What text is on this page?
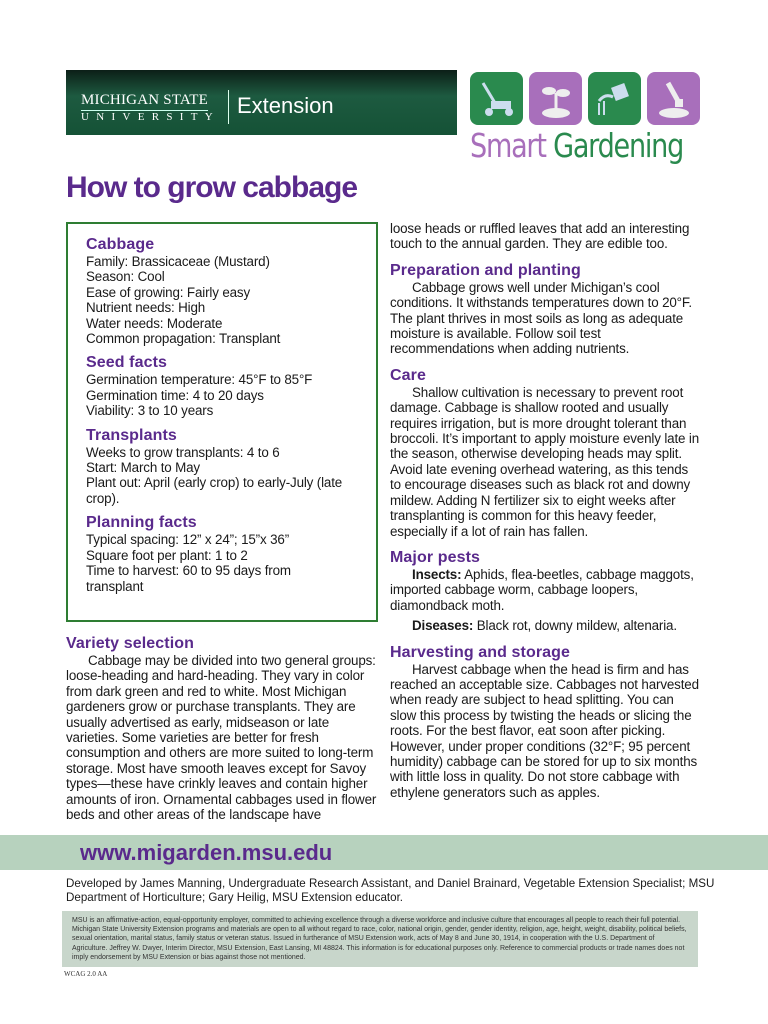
MICHIGAN STATE
UNIVERSITY Extension
Smart Gardening
How to grow cabbage
Cabbage
Family: Brassicaceae (Mustard)
Season: Cool
Ease of growing: Fairly easy
Nutrient needs: High
Water needs: Moderate
Common propagation: Transplant
Seed facts
Germination temperature: 45°F to 85°F
Germination time: 4 to 20 days
Viability: 3 to 10 years
Transplants
Weeks to grow transplants: 4 to 6
Start: March to May
Plant out: April (early crop) to early-July (late crop).
Planning facts
Typical spacing: 12” x 24”; 15”x 36”
Square foot per plant: 1 to 2
Time to harvest: 60 to 95 days from transplant
Variety selection
Cabbage may be divided into two general groups: loose-heading and hard-heading. They vary in color from dark green and red to white. Most Michigan gardeners grow or purchase transplants. They are usually advertised as early, midseason or late varieties. Some varieties are better for fresh consumption and others are more suited to long-term storage. Most have smooth leaves except for Savoy types—these have crinkly leaves and contain higher amounts of iron. Ornamental cabbages used in flower beds and other areas of the landscape have
loose heads or ruffled leaves that add an interesting touch to the annual garden. They are edible too.
Preparation and planting
Cabbage grows well under Michigan’s cool conditions. It withstands temperatures down to 20°F. The plant thrives in most soils as long as adequate moisture is available. Follow soil test recommendations when adding nutrients.
Care
Shallow cultivation is necessary to prevent root damage. Cabbage is shallow rooted and usually requires irrigation, but is more drought tolerant than broccoli. It’s important to apply moisture evenly late in the season, otherwise developing heads may split. Avoid late evening overhead watering, as this tends to encourage diseases such as black rot and downy mildew. Adding N fertilizer six to eight weeks after transplanting is common for this heavy feeder, especially if a lot of rain has fallen.
Major pests
Insects: Aphids, flea-beetles, cabbage maggots, imported cabbage worm, cabbage loopers, diamondback moth.
Diseases: Black rot, downy mildew, altenaria.
Harvesting and storage
Harvest cabbage when the head is firm and has reached an acceptable size. Cabbages not harvested when ready are subject to head splitting. You can slow this process by twisting the heads or slicing the roots. For the best flavor, eat soon after picking. However, under proper conditions (32°F; 95 percent humidity) cabbage can be stored for up to six months with little loss in quality. Do not store cabbage with ethylene generators such as apples.
www.migarden.msu.edu
Developed by James Manning, Undergraduate Research Assistant, and Daniel Brainard, Vegetable Extension Specialist; MSU Department of Horticulture; Gary Heilig, MSU Extension educator.
MSU is an affirmative-action, equal-opportunity employer, committed to achieving excellence through a diverse workforce and inclusive culture that encourages all people to reach their full potential. Michigan State University Extension programs and materials are open to all without regard to race, color, national origin, gender, gender identity, religion, age, height, weight, disability, political beliefs, sexual orientation, marital status, family status or veteran status. Issued in furtherance of MSU Extension work, acts of May 8 and June 30, 1914, in cooperation with the U.S. Department of Agriculture. Jeffrey W. Dwyer, Interim Director, MSU Extension, East Lansing, MI 48824. This information is for educational purposes only. Reference to commercial products or trade names does not imply endorsement by MSU Extension or bias against those not mentioned.
WCAG 2.0 AA
